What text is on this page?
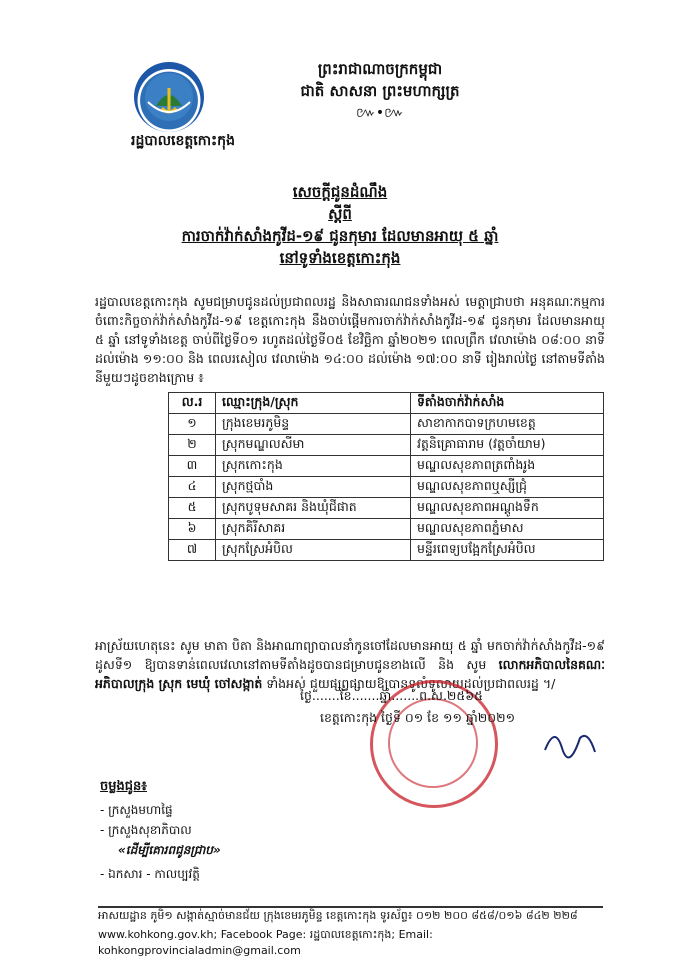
រដ្ឋបាលខេត្តកោះកុង
ព្រះរាជាណាចក្រកម្ពុជា
ជាតិ សាសនា ព្រះមហាក្សត្រ
៚•៚
សេចក្តីជូនដំណឹង
ស្តីពី
ការចាក់វ៉ាក់សាំងកូវីដ-១៩ ជូនកុមារ ដែលមានអាយុ ៥ ឆ្នាំ
នៅទូទាំងខេត្តកោះកុង
រដ្ឋបាលខេត្តកោះកុង សូមជម្រាបជូនដល់ប្រជាពលរដ្ឋ និងសាធារណជនទាំងអស់ មេត្តាជ្រាបថា អនុគណៈកម្មការចំពោះកិច្ចចាក់វ៉ាក់សាំងកូវីដ-១៩ ខេត្តកោះកុង នឹងចាប់ផ្តើមការចាក់វ៉ាក់សាំងកូវីដ-១៩ ជូនកុមារ ដែលមានអាយុ ៥ ឆ្នាំ នៅទូទាំងខេត្ត ចាប់ពីថ្ងៃទី០១ រហូតដល់ថ្ងៃទី០៥ ខែវិច្ឆិកា ឆ្នាំ២០២១ ពេលព្រឹក វេលាម៉ោង ០៨:០០ នាទី ដល់ម៉ោង ១១:០០ និង ពេលរសៀល វេលាម៉ោង ១៤:០០ ដល់ម៉ោង ១៧:០០ នាទី រៀងរាល់ថ្ងៃ នៅតាមទីតាំងនីមួយៗដូចខាងក្រោម ៖
ល.រ	ឈ្មោះក្រុង/ស្រុក	ទីតាំងចាក់វ៉ាក់សាំង
១	ក្រុងខេមរភូមិន្ទ	សាខាកាកបាទក្រហមខេត្ត
២	ស្រុកមណ្ឌលសីមា	វត្តនិគ្រោធារាម (វត្តចាំយាម)
៣	ស្រុកកោះកុង	មណ្ឌលសុខភាពត្រពាំងរូង
៤	ស្រុកថ្មបាំង	មណ្ឌលសុខភាពឬស្សីជ្រុំ
៥	ស្រុកបូទុមសាគរ និងឃុំជីផាត	មណ្ឌលសុខភាពអណ្តូងទឹក
៦	ស្រុកគិរីសាគរ	មណ្ឌលសុខភាពភ្នំមាស
៧	ស្រុកស្រែអំបិល	មន្ទីរពេទ្យបង្អែកស្រែអំបិល
អាស្រ័យហេតុនេះ សូម មាតា បិតា និងអាណាព្យាបាលនាំកូនចៅដែលមានអាយុ ៥ ឆ្នាំ មកចាក់វ៉ាក់សាំងកូវីដ-១៩ ដូសទី១ ឱ្យបានទាន់ពេលវេលានៅតាមទីតាំងដូចបានជម្រាបជូនខាងលើ និង សូម លោកអភិបាលនៃគណៈអភិបាលក្រុង ស្រុក មេឃុំ ចៅសង្កាត់ ទាំងអស់ ជួយផ្សព្វផ្សាយឱ្យបានទូលំទូលាយដល់ប្រជាពលរដ្ឋ ។/
ថ្ងៃ.......ខែ.......ឆ្នាំ.......ព.ស.២៥៦៥
ខេត្តកោះកុង ថ្ងៃទី ០១ ខែ ១១ ឆ្នាំ២០២១
ចម្លងជូន៖
- ក្រសួងមហាផ្ទៃ
- ក្រសួងសុខាភិបាល
«ដើម្បីគោរពជូនជ្រាប»
- ឯកសារ - កាលប្បវត្តិ
អាសយដ្ឋាន ភូមិ១ សង្កាត់ស្មាច់មានជ័យ ក្រុងខេមរភូមិន្ទ ខេត្តកោះកុង ទូរស័ព្ទ៖ ០១២ ២០០ ៨៥៨/០១៦ ៨៤២ ២២៨
www.kohkong.gov.kh; Facebook Page: រដ្ឋបាលខេត្តកោះកុង; Email: kohkongprovincialadmin@gmail.com
